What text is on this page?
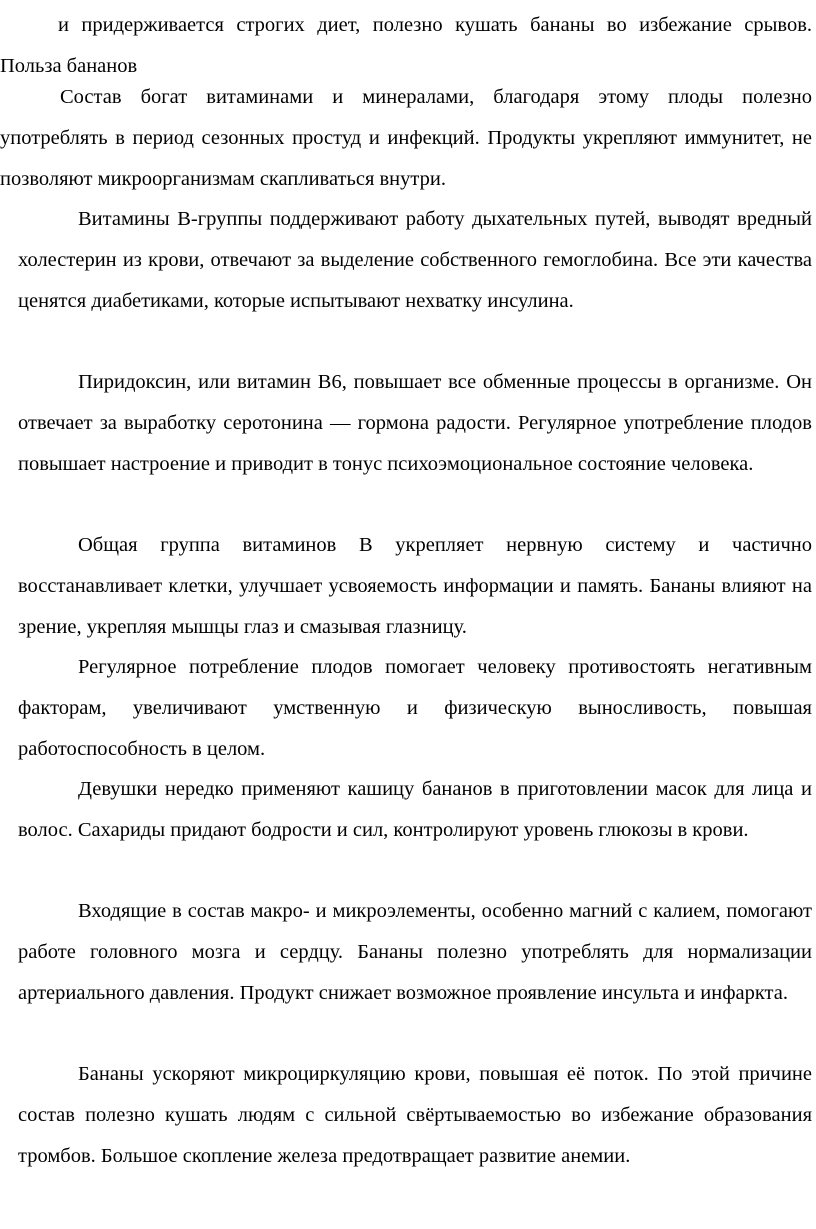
и придерживается строгих диет, полезно кушать бананы во избежание срывов. Польза бананов

Состав богат витаминами и минералами, благодаря этому плоды полезно употреблять в период сезонных простуд и инфекций. Продукты укрепляют иммунитет, не позволяют микроорганизмам скапливаться внутри.

Витамины В-группы поддерживают работу дыхательных путей, выводят вредный холестерин из крови, отвечают за выделение собственного гемоглобина. Все эти качества ценятся диабетиками, которые испытывают нехватку инсулина.

Пиридоксин, или витамин В6, повышает все обменные процессы в организме. Он отвечает за выработку серотонина — гормона радости. Регулярное употребление плодов повышает настроение и приводит в тонус психоэмоциональное состояние человека.

Общая группа витаминов В укрепляет нервную систему и частично восстанавливает клетки, улучшает усвояемость информации и память. Бананы влияют на зрение, укрепляя мышцы глаз и смазывая глазницу.

Регулярное потребление плодов помогает человеку противостоять негативным факторам, увеличивают умственную и физическую выносливость, повышая работоспособность в целом.

Девушки нередко применяют кашицу бананов в приготовлении масок для лица и волос. Сахариды придают бодрости и сил, контролируют уровень глюкозы в крови.

Входящие в состав макро- и микроэлементы, особенно магний с калием, помогают работе головного мозга и сердцу. Бананы полезно употреблять для нормализации артериального давления. Продукт снижает возможное проявление инсульта и инфаркта.

Бананы ускоряют микроциркуляцию крови, повышая её поток. По этой причине состав полезно кушать людям с сильной свёртываемостью во избежание образования тромбов. Большое скопление железа предотвращает развитие анемии.
